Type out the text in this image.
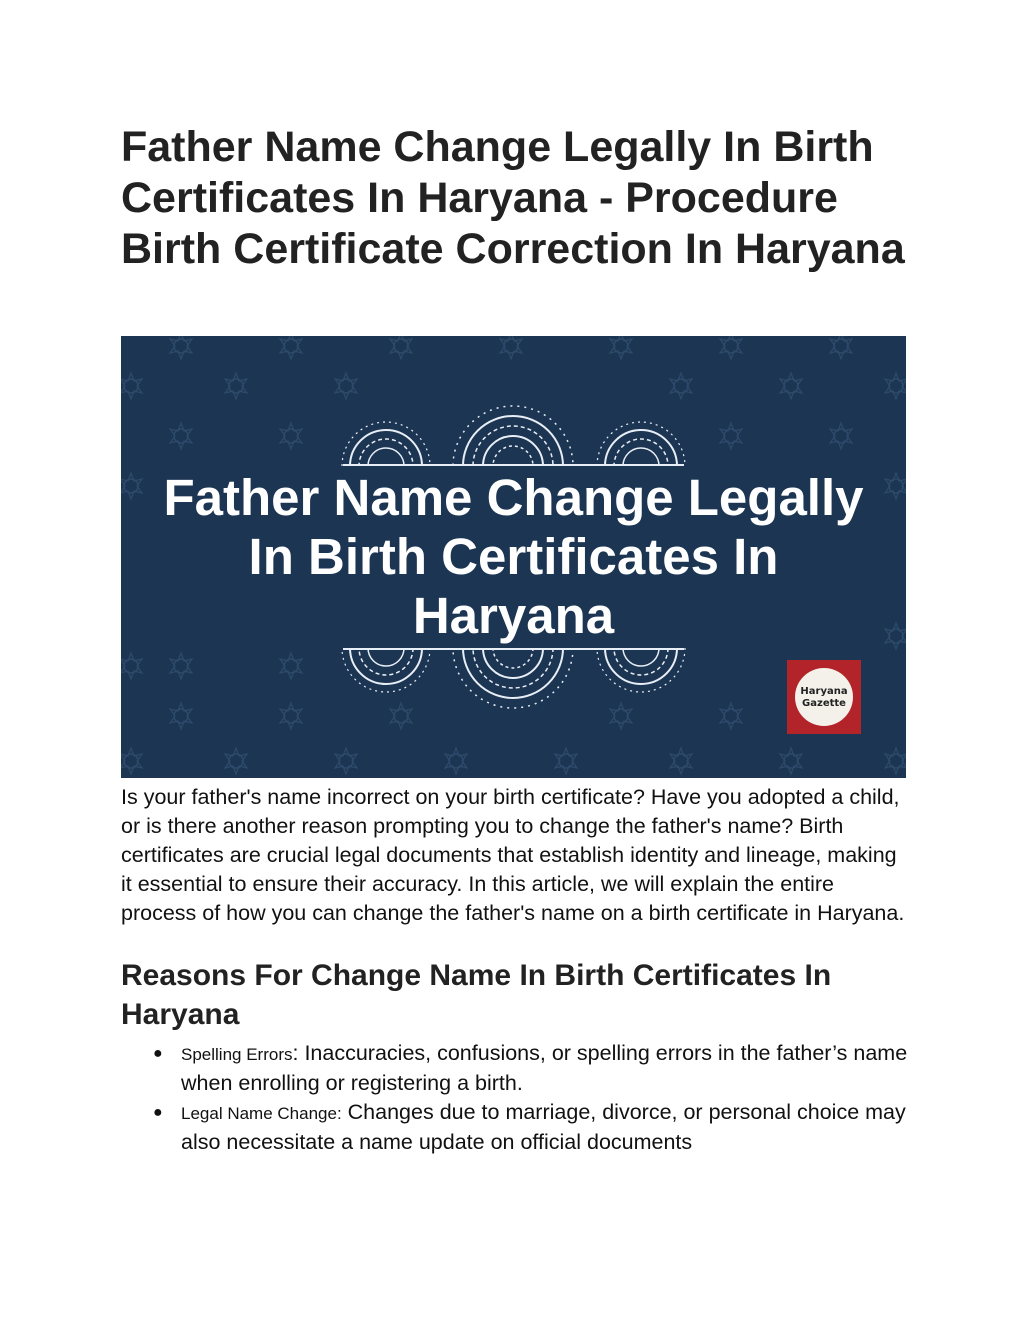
Father Name Change Legally In Birth Certificates In Haryana - Procedure Birth Certificate Correction In Haryana
Father Name Change Legally
In Birth Certificates In
Haryana
Haryana
Gazette

Is your father's name incorrect on your birth certificate? Have you adopted a child, or is there another reason prompting you to change the father's name? Birth certificates are crucial legal documents that establish identity and lineage, making it essential to ensure their accuracy. In this article, we will explain the entire process of how you can change the father's name on a birth certificate in Haryana.

Reasons For Change Name In Birth Certificates In Haryana
● Spelling Errors: Inaccuracies, confusions, or spelling errors in the father’s name when enrolling or registering a birth.
● Legal Name Change: Changes due to marriage, divorce, or personal choice may also necessitate a name update on official documents
